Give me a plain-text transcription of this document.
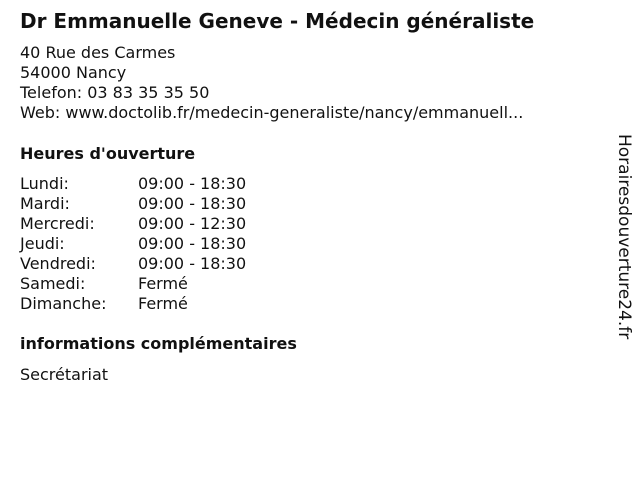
Dr Emmanuelle Geneve - Médecin généraliste
40 Rue des Carmes
54000 Nancy
Telefon: 03 83 35 35 50
Web: www.doctolib.fr/medecin-generaliste/nancy/emmanuell...
Heures d'ouverture
Lundi:	09:00 - 18:30
Mardi:	09:00 - 18:30
Mercredi:	09:00 - 12:30
Jeudi:	09:00 - 18:30
Vendredi:	09:00 - 18:30
Samedi:	Fermé
Dimanche: Fermé
informations complémentaires
Secrétariat
Horairesdouverture24.fr
